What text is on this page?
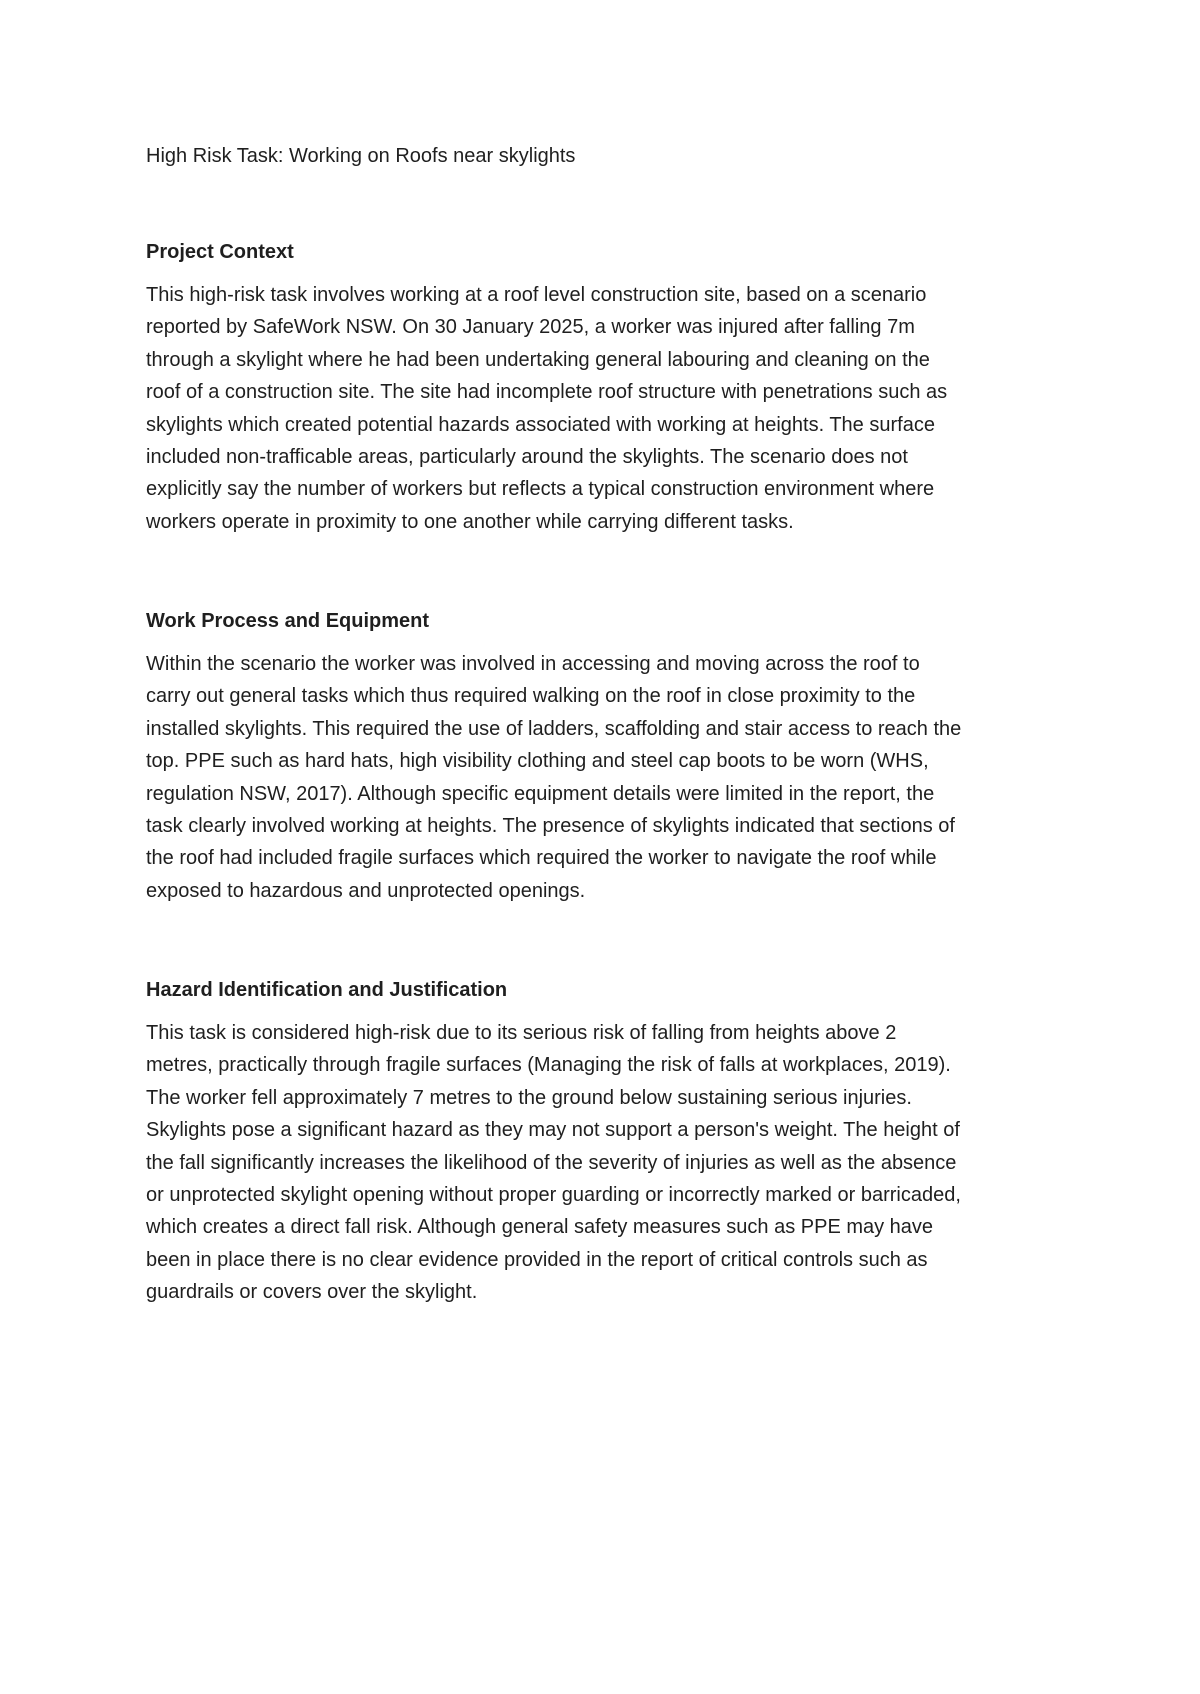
High Risk Task: Working on Roofs near skylights

Project Context

This high-risk task involves working at a roof level construction site, based on a scenario
reported by SafeWork NSW. On 30 January 2025, a worker was injured after falling 7m
through a skylight where he had been undertaking general labouring and cleaning on the
roof of a construction site. The site had incomplete roof structure with penetrations such as
skylights which created potential hazards associated with working at heights. The surface
included non-trafficable areas, particularly around the skylights. The scenario does not
explicitly say the number of workers but reflects a typical construction environment where
workers operate in proximity to one another while carrying different tasks.

Work Process and Equipment

Within the scenario the worker was involved in accessing and moving across the roof to
carry out general tasks which thus required walking on the roof in close proximity to the
installed skylights. This required the use of ladders, scaffolding and stair access to reach the
top. PPE such as hard hats, high visibility clothing and steel cap boots to be worn (WHS,
regulation NSW, 2017). Although specific equipment details were limited in the report, the
task clearly involved working at heights. The presence of skylights indicated that sections of
the roof had included fragile surfaces which required the worker to navigate the roof while
exposed to hazardous and unprotected openings.

Hazard Identification and Justification

This task is considered high-risk due to its serious risk of falling from heights above 2
metres, practically through fragile surfaces (Managing the risk of falls at workplaces, 2019).
The worker fell approximately 7 metres to the ground below sustaining serious injuries.
Skylights pose a significant hazard as they may not support a person's weight. The height of
the fall significantly increases the likelihood of the severity of injuries as well as the absence
or unprotected skylight opening without proper guarding or incorrectly marked or barricaded,
which creates a direct fall risk. Although general safety measures such as PPE may have
been in place there is no clear evidence provided in the report of critical controls such as
guardrails or covers over the skylight.
